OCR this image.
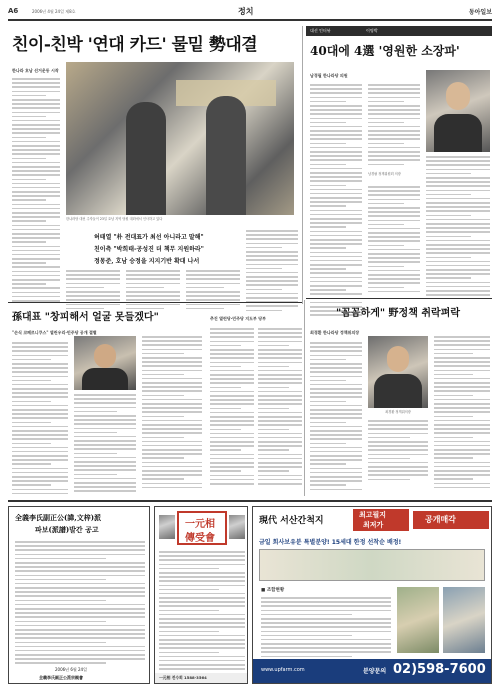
A6	2006년 4월 24일 제8호	정치	동아일보
친이-친박 '연대 카드' 물밑 勢대결
한나라 호남 선거운동 시작
한나라당 대선 주자들이 23일 호남 지역 당원 대회에서 인사하고 있다
허태열 "朴 전대표가 최선 아니라고 말해"
친이측 "박희태-공성진 더 책무 지원하라"
정몽준, 호남 승정을 지지기반 확대 나서
대선 인터뷰	이명박
40대에 4選 '영원한 소장파'
남경필 한나라당 의원
남경필 정책위원회 의장
"꼼꼼하게" 野정책 취락펴락
최경환 한나라당 정책위의장
최경환 정책위의장
孫대표 "창피해서 얼굴 못들겠다"
"손식 코페르니쿠스" 열린우리·민주당 공개 결별
추진 열린당·민주당 지도부 당부
全義李氏副正公(諱,文梓)派
파보(派譜)발간 공고
2006년 6월 24일
全義李氏副正公派宗親會
一元相
傳受會
一元相 전수회 1588-3564
現代 서산간척지
최고필지
최저가
공개매각
금일 회사보유분 특별분양! 15세대 한정 선착순 배정!
■ 조합현황
www.upfarm.com	분양문의 02)598-7600
